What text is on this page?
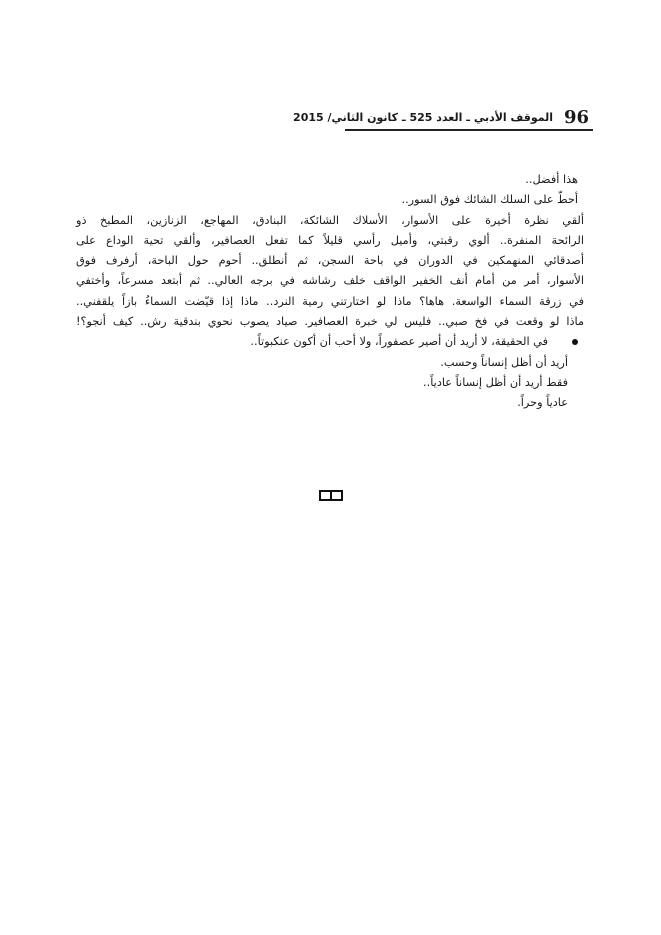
96
الموقف الأدبي ـ العدد 525 ـ كانون الثاني/ 2015
هذا أفضل..
أحطّ على السلك الشائك فوق السور..
ألقي نظرة أخيرة على الأسوار، الأسلاك الشائكة، البنادق، المهاجع، الزنازين، المطبخ ذو
الرائحة المنفرة.. ألوي رقبتي، وأميل رأسي قليلاً كما تفعل العصافير، وألقي تحية الوداع على
أصدقائي المنهمكين في الدوران في باحة السجن، ثم أنطلق.. أحوم حول الباحة، أرفرف فوق
الأسوار، أمر من أمام أنف الخفير الواقف خلف رشاشه في برجه العالي.. ثم أبتعد مسرعاً، وأختفي
في زرقة السماء الواسعة. هاها؟ ماذا لو اختارتني رمية النرد.. ماذا إذا قيّضت السماءُ بازاً يلقفني..
ماذا لو وقعت في فخ صبي.. فليس لي خبرة العصافير. صياد يصوب نحوي بندقية رش.. كيف أنجو؟!
في الحقيقة، لا أريد أن أصير عصفوراً، ولا أحب أن أكون عنكبوتاً..
أريد أن أظل إنساناً وحسب.
فقط أريد أن أظل إنساناً عادياً..
عادياً وحراً.
